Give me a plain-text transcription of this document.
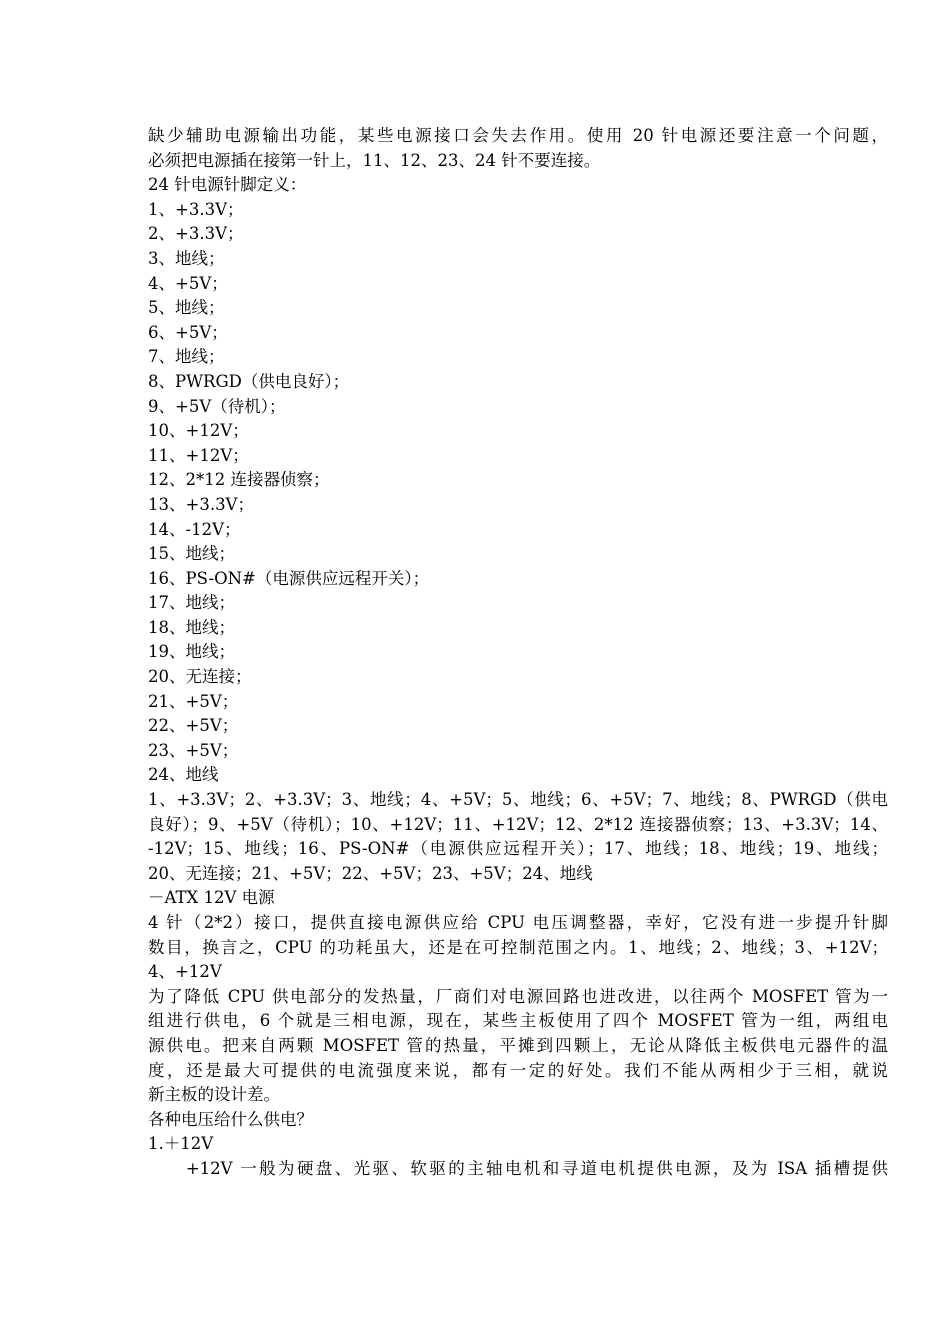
缺少辅助电源输出功能，某些电源接口会失去作用。使用 20 针电源还要注意一个问题，
必须把电源插在接第一针上，11、12、23、24 针不要连接。
24 针电源针脚定义：
1、+3.3V；
2、+3.3V；
3、地线；
4、+5V；
5、地线；
6、+5V；
7、地线；
8、PWRGD（供电良好）；
9、+5V（待机）；
10、+12V；
11、+12V；
12、2*12 连接器侦察；
13、+3.3V；
14、-12V；
15、地线；
16、PS-ON#（电源供应远程开关）；
17、地线；
18、地线；
19、地线；
20、无连接；
21、+5V；
22、+5V；
23、+5V；
24、地线
1、+3.3V；2、+3.3V；3、地线；4、+5V；5、地线；6、+5V；7、地线；8、PWRGD（供电
良好）；9、+5V（待机）；10、+12V；11、+12V；12、2*12 连接器侦察；13、+3.3V；14、
-12V；15、地线；16、PS-ON#（电源供应远程开关）；17、地线；18、地线；19、地线；
20、无连接；21、+5V；22、+5V；23、+5V；24、地线
－ATX 12V 电源
4 针（2*2）接口，提供直接电源供应给 CPU 电压调整器，幸好，它没有进一步提升针脚
数目，换言之，CPU 的功耗虽大，还是在可控制范围之内。1、地线；2、地线；3、+12V；
4、+12V
为了降低 CPU 供电部分的发热量，厂商们对电源回路也进改进，以往两个 MOSFET 管为一
组进行供电，6 个就是三相电源，现在，某些主板使用了四个 MOSFET 管为一组，两组电
源供电。把来自两颗 MOSFET 管的热量，平摊到四颗上，无论从降低主板供电元器件的温
度，还是最大可提供的电流强度来说，都有一定的好处。我们不能从两相少于三相，就说
新主板的设计差。
各种电压给什么供电？
1.＋12V
　　+12V 一般为硬盘、光驱、软驱的主轴电机和寻道电机提供电源，及为 ISA 插槽提供
